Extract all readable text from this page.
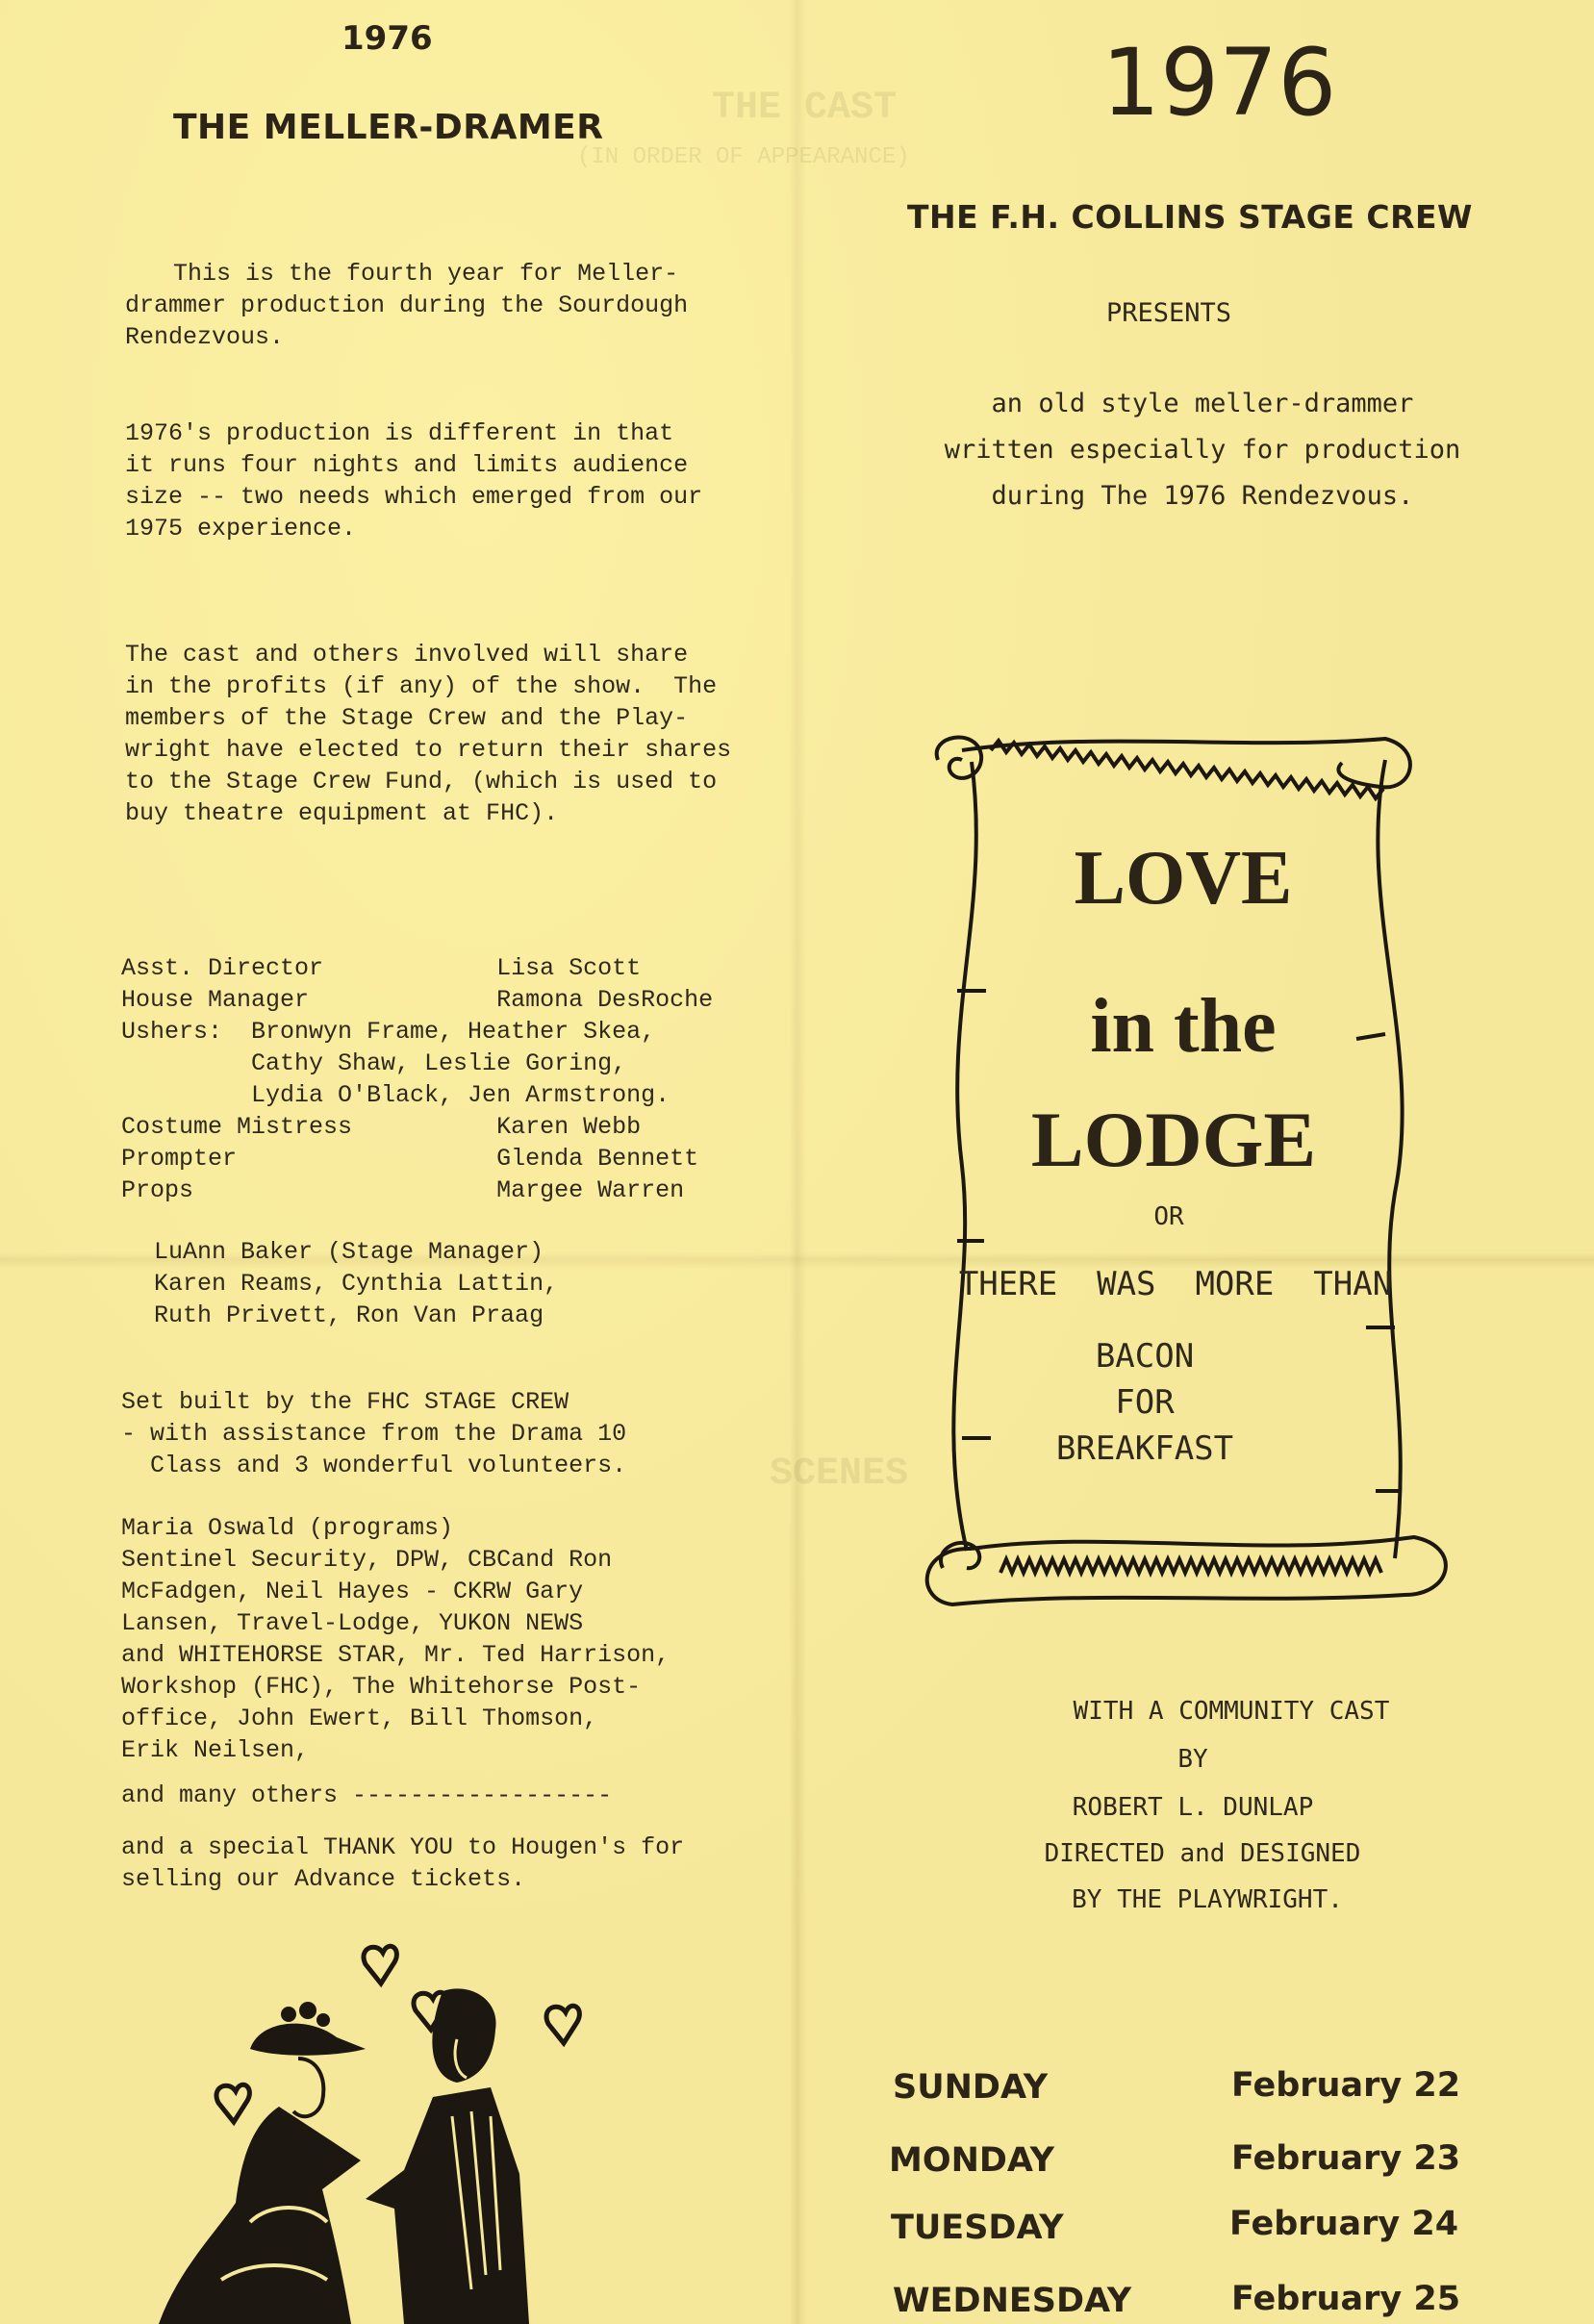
THE CAST
(IN ORDER OF APPEARANCE)
SCENES
1976
THE MELLER-DRAMER
This is the fourth year for Meller-
drammer production during the Sourdough
Rendezvous.
1976's production is different in that
it runs four nights and limits audience
size -- two needs which emerged from our
1975 experience.
The cast and others involved will share
in the profits (if any) of the show.  The
members of the Stage Crew and the Play-
wright have elected to return their shares
to the Stage Crew Fund, (which is used to
buy theatre equipment at FHC).
Asst. Director            Lisa Scott
House Manager             Ramona DesRoche
Ushers:  Bronwyn Frame, Heather Skea,
Cathy Shaw, Leslie Goring,
Lydia O'Black, Jen Armstrong.
Costume Mistress          Karen Webb
Prompter                  Glenda Bennett
Props                     Margee Warren
LuAnn Baker (Stage Manager)
Karen Reams, Cynthia Lattin,
Ruth Privett, Ron Van Praag
Set built by the FHC STAGE CREW
- with assistance from the Drama 10
Class and 3 wonderful volunteers.
Maria Oswald (programs)
Sentinel Security, DPW, CBCand Ron
McFadgen, Neil Hayes - CKRW Gary
Lansen, Travel-Lodge, YUKON NEWS
and WHITEHORSE STAR, Mr. Ted Harrison,
Workshop (FHC), The Whitehorse Post-
office, John Ewert, Bill Thomson,
Erik Neilsen,
and many others ------------------
and a special THANK YOU to Hougen's for
selling our Advance tickets.
1976
THE F.H. COLLINS STAGE CREW
PRESENTS
an old style meller-drammer
written especially for production
during The 1976 Rendezvous.
LOVE
in the
LODGE
OR
THERE  WAS  MORE  THAN
BACON
FOR
BREAKFAST
WITH A COMMUNITY CAST
BY
ROBERT L. DUNLAP
DIRECTED and DESIGNED
BY THE PLAYWRIGHT.
SUNDAY	February 22
MONDAY	February 23
TUESDAY	February 24
WEDNESDAY	February 25
